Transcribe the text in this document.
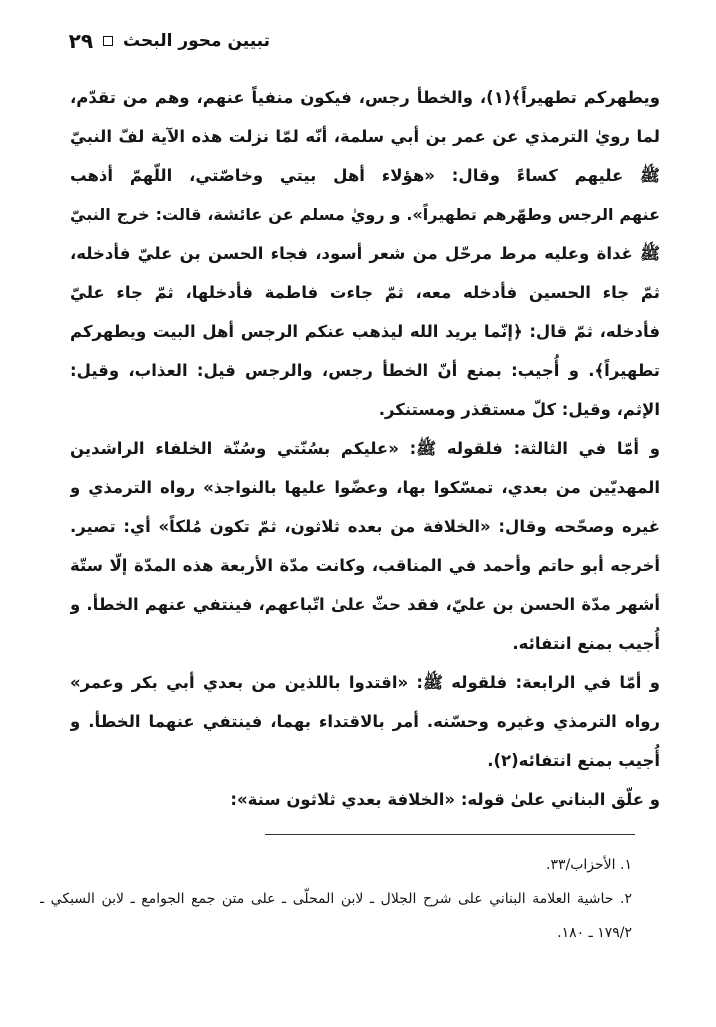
تبيين محور البحث
٢٩
ويطهركم تطهيراً﴾(١)، والخطأ رجس، فيكون منفياً عنهم، وهم من تقدّم،
لما رويٰ الترمذي عن عمر بن أبي سلمة، أنّه لمّا نزلت هذه الآية لفّ النبيّ
ﷺ عليهم كساءً وقال: «هؤلاء أهل بيتي وخاصّتي، اللّهمّ أذهب
عنهم الرجس وطهّرهم تطهيراً». و رويٰ مسلم عن عائشة، قالت: خرج النبيّ
ﷺ غداة وعليه مرط مرحّل من شعر أسود، فجاء الحسن بن عليّ فأدخله،
ثمّ جاء الحسين فأدخله معه، ثمّ جاءت فاطمة فأدخلها، ثمّ جاء عليّ
فأدخله، ثمّ قال: ﴿إنّما يريد الله ليذهب عنكم الرجس أهل البيت ويطهركم
تطهيراً﴾. و أُجيب: بمنع أنّ الخطأ رجس، والرجس قيل: العذاب، وقيل:
الإثم، وقيل: كلّ مستقذر ومستنكر.
و أمّا في الثالثة: فلقوله ﷺ: «عليكم بسُنّتي وسُنّة الخلفاء الراشدين
المهديّين من بعدي، تمسّكوا بها، وعضّوا عليها بالنواجذ» رواه الترمذي و
غيره وصحّحه وقال: «الخلافة من بعده ثلاثون، ثمّ تكون مُلكاً» أي: تصير.
أخرجه أبو حاتم وأحمد في المناقب، وكانت مدّة الأربعة هذه المدّة إلّا ستّة
أشهر مدّة الحسن بن عليّ، فقد حثّ علىٰ اتّباعهم، فينتفي عنهم الخطأ. و
أُجيب بمنع انتفائه.
و أمّا في الرابعة: فلقوله ﷺ: «اقتدوا باللذين من بعدي أبي بكر وعمر»
رواه الترمذي وغيره وحسّنه. أمر بالاقتداء بهما، فينتفي عنهما الخطأ. و
أُجيب بمنع انتفائه(٢).
و علّق البناني علىٰ قوله: «الخلافة بعدي ثلاثون سنة»:
١. الأحزاب/٣٣.
٢. حاشية العلامة البناني على شرح الجلال ـ لابن المحلّى ـ على متن جمع الجوامع ـ لابن السبكي ـ
١٧٩/٢ ـ ١٨٠.
